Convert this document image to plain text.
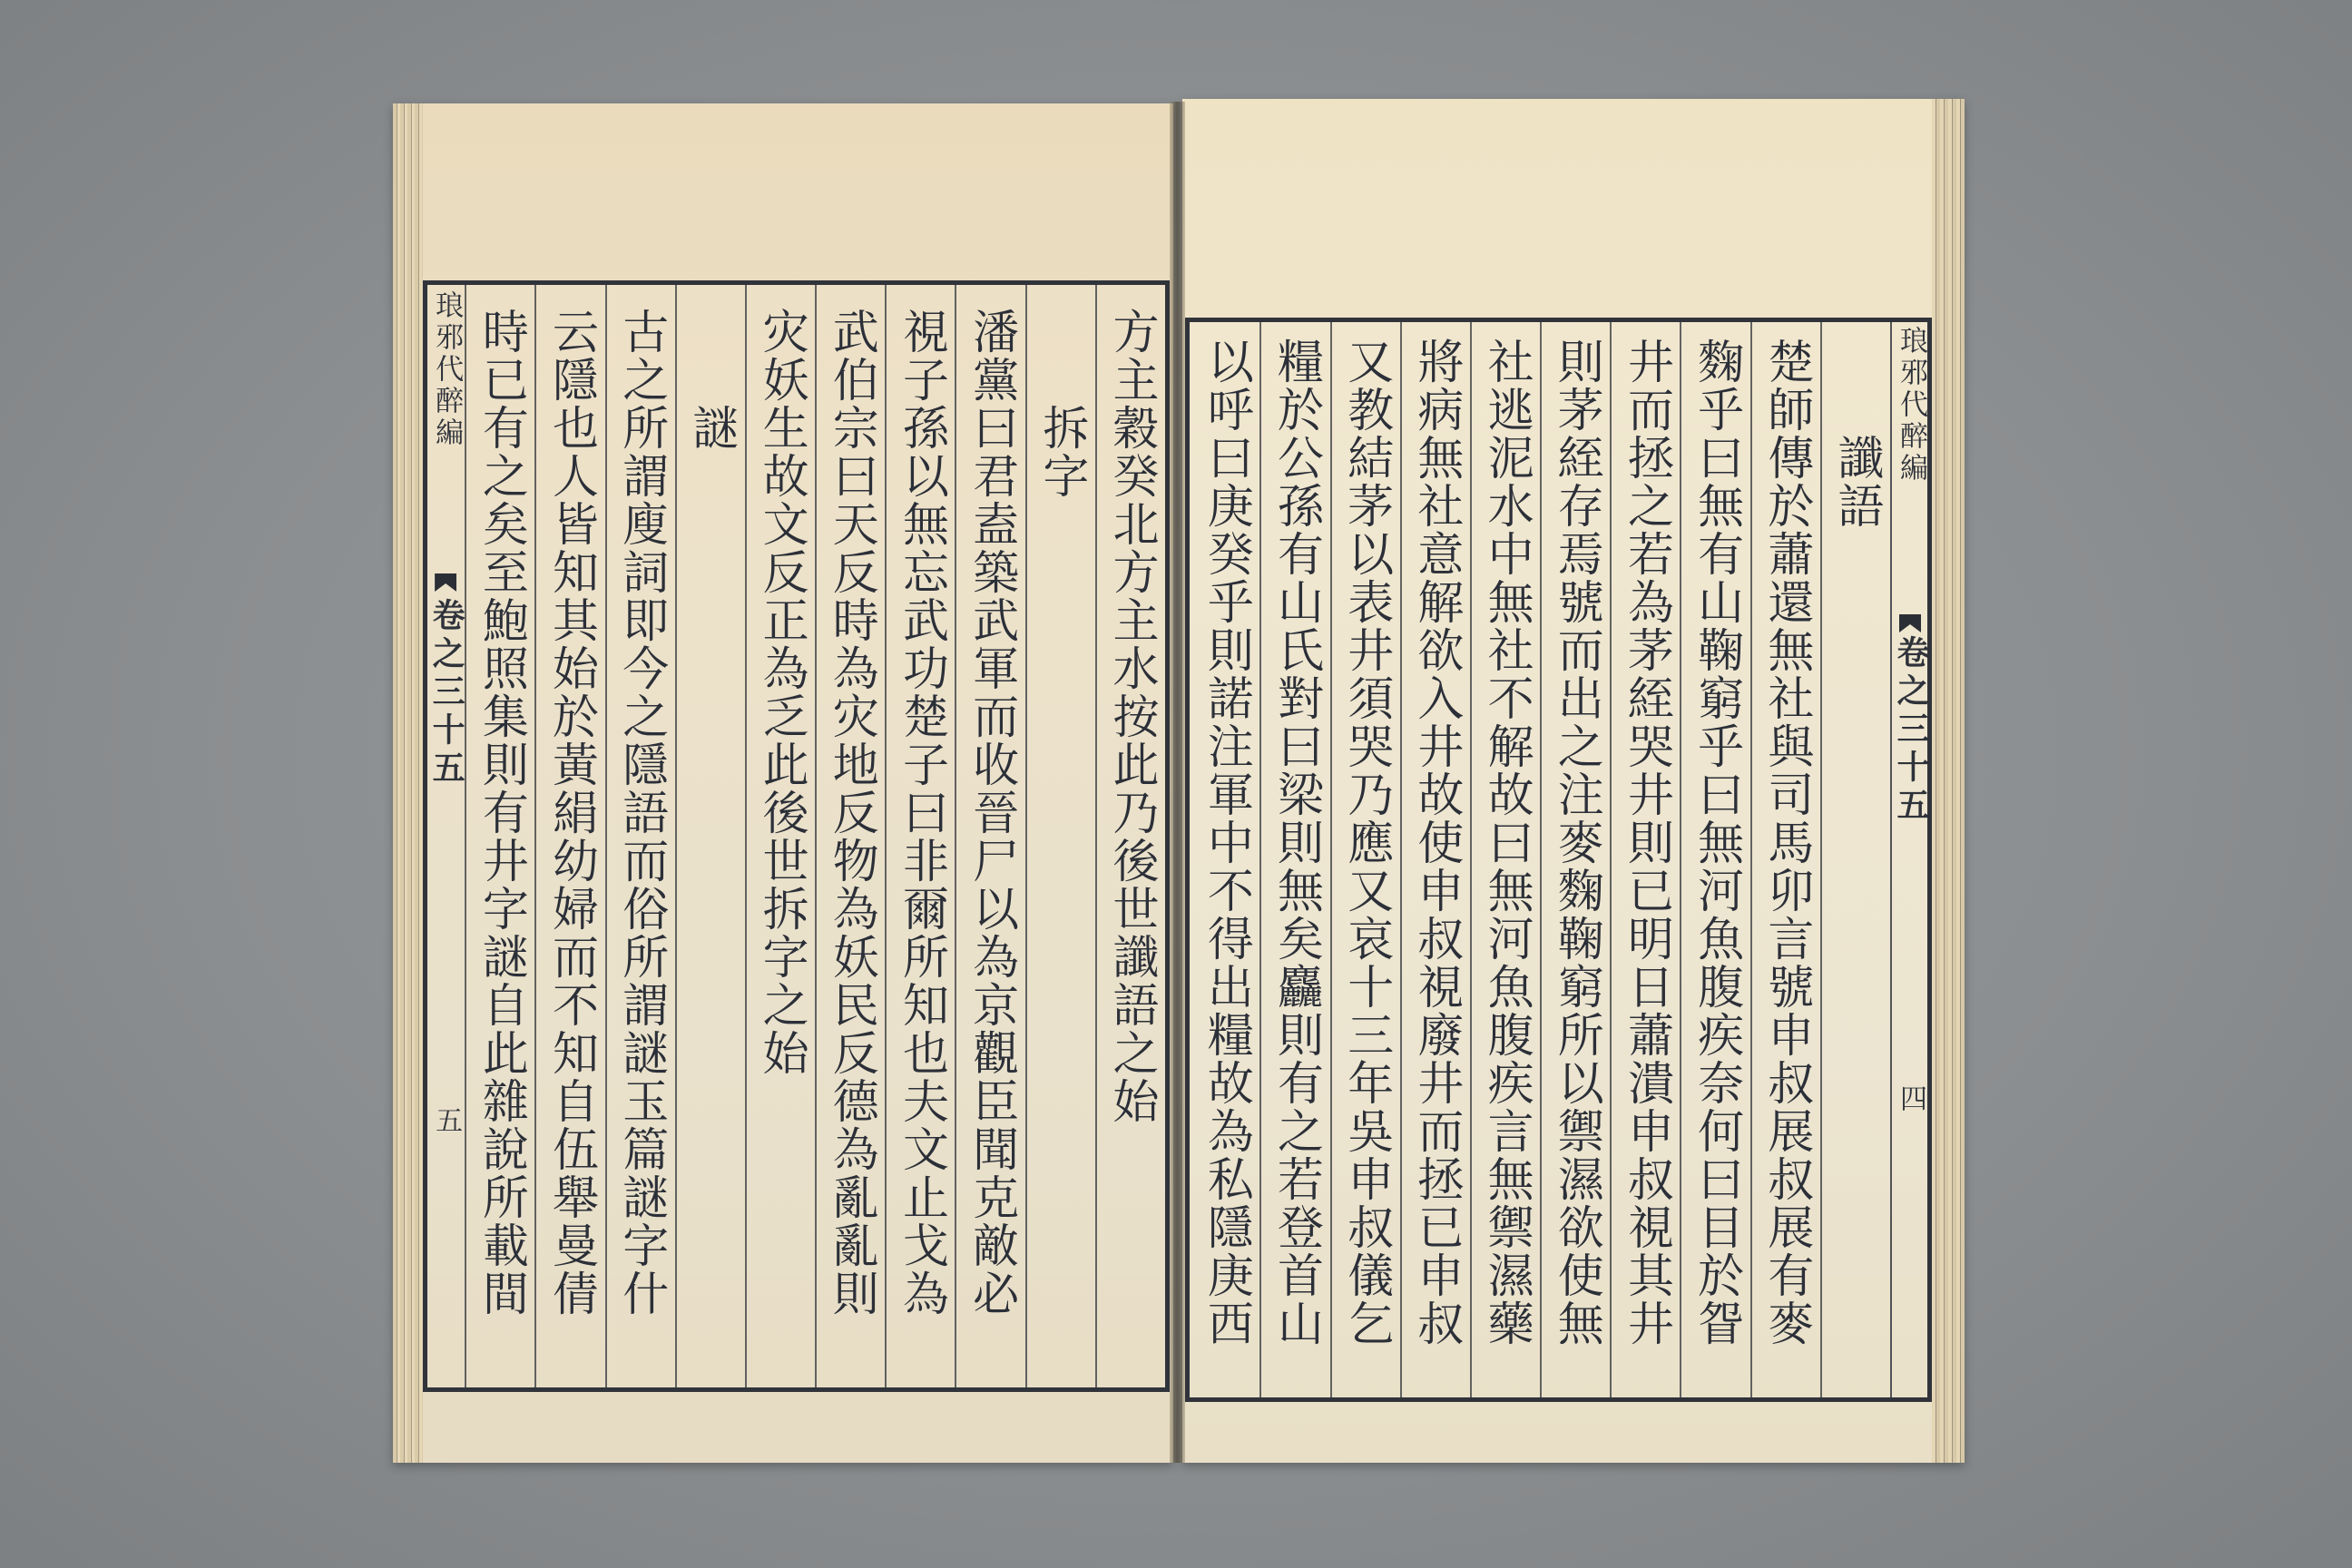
方主穀癸北方主水按此乃後世讖語之始
拆字
潘黨曰君盍築武軍而收晉尸以為京觀臣聞克敵必
視子孫以無忘武功楚子曰非爾所知也夫文止戈為
武伯宗曰天反時為灾地反物為妖民反德為亂亂則
灾妖生故文反正為乏此後世拆字之始
謎
古之所謂廋詞即今之隱語而俗所謂謎玉篇謎字什
云隱也人皆知其始於黃絹幼婦而不知自伍舉曼倩
時已有之矣至鮑照集則有井字謎自此雜說所載間
琅邪代醉編
卷之三十五
五
琅邪代醉編
卷之三十五
四
讖語
楚師傳於蕭還無社與司馬卯言號申叔展叔展有麥
麴乎曰無有山鞠窮乎曰無河魚腹疾奈何曰目於眢
井而拯之若為茅絰哭井則已明日蕭潰申叔視其井
則茅絰存焉號而出之注麥麴鞠窮所以禦濕欲使無
社逃泥水中無社不解故曰無河魚腹疾言無禦濕藥
將病無社意解欲入井故使申叔視廢井而拯已申叔
又教結茅以表井須哭乃應又哀十三年吳申叔儀乞
糧於公孫有山氏對曰梁則無矣麤則有之若登首山
以呼曰庚癸乎則諾注軍中不得出糧故為私隱庚西
